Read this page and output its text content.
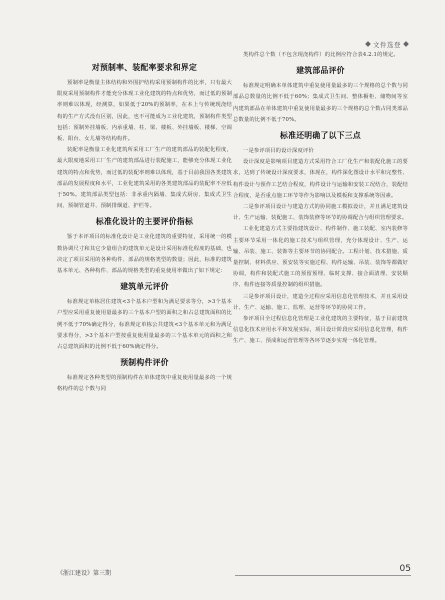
文件选登
对预制率、装配率要求和界定

预制率是衡量主体结构和外围护结构采用预制构件的比率，只有最大限度采用预制构件才能充分体现工业化建筑的特点和优势，而过低的预制率则难以体现，经测算，如果低于20%的预制率，在本上与传统现浇结构的生产方式没有区别，因此，也不可能成为工业化建筑，预制构件类型包括：预制外挂墙板、内承重墙、柱、梁、楼板、外挂墙板、楼梯、空调板、阳台、女儿墙等结构构件。

装配率是衡量工业化建筑所采用工厂生产的建筑部品的装配化程度，最大限度地采用工厂生产的建筑部品进行装配施工，能够充分体现工业化建筑的特点和优势，而过低的装配率则难以体现，基于目前我国各类建筑部品的发展程度和水平，工业化建筑采用的各类建筑部品的装配率不应低于50%。建筑部品类型包括：非承重内隔墙、集成式厨房、集成式卫生间、预制管道井、预制排烟道、护栏等。

标准化设计的主要评价指标

鉴于本评项目的标准化设计是工业化建筑的重要特征，采用统一的模数协调尺寸和其它少量组合的建筑单元是设计采用标准化程度的基础，也决定了项目采用的各种构件、部品的规格类型的数量；因此，标准的建筑基本单元、各种构件、部品的规格类型的重复使用率做出了如下规定：

建筑单元评价

标准规定单栋居住建筑<3个基本户型和为满足要求等分，>3个基本户型应采用重复使用量最多的三个基本户型的面积之和占总建筑面积的比例不低于70%确定得分，标准规定单栋公共建筑<3个基本单元和为满足要求得分，>3个基本户型按重复使用量最多的三个基本单元的面积之和占总建筑面积的比例不低于60%确定得分。

预制构件评价

标准规定各种类型的预制构件在单体建筑中重复使用量最多的一个规格构件的总个数与同

类构件总个数（不包含现浇构件）的比例应符合表4.2.1的规定。

建筑部品评价

标准规定明确本单体建筑中重复使用量最多的三个规格的总个数与同部品总数量的比例不低于60%；集成式卫生间、整体橱柜、储物间等室内建筑部品在单体建筑中重复使用量最多的三个规格的总个数占同类部品总数量的比例不低于70%。

标准还明确了以下三点

一是参评项目的设计深度评价

设计深度是影响项目建造方式采用符合工厂化生产和装配化施工的要求，达到了传统设计深度要求，体现在，构件深化图设计水平和完整性、构件设计与预作工艺结合程度，构件设计与运输和安装工况结合，装配结合程度，是否重点施工环节等作为影响以及模板和支撑系统等因素。

二是参评项目设计与建造方式的协同施工模拟设计，并且满足建筑设计、生产运输、装配施工、装饰装修等环节的协调配合与组织管理要求。

工业化建造方式主要指建筑设计、构件制作、施工装配、室内装修等主要环节采用一体化的施工技术与组织管理，充分体现设计、生产、运输、吊装、施工、装饰等主要环节的协同配合。工程计划、技术措施、质量控制、材料供应、预安装等实施过程、构件运输、吊装、装饰等都做好协调，构件和装配式施工的预留预埋、临时支撑、接合面清理、安装顺序、构件连接等质量控制的组织措施。

三是参评项目设计，建造全过程应采用信息化管理技术，并且采用设计、生产、运输、施工、监理、运营等环节的协同工作。

参评项目全过程信息化管理是工业化建筑的主要特征，基于目前建筑信息化技术应用水平和发展实际，项目设计阶段应采用信息化管理，构件生产、施工、预成和运营管理等各环节逐步实现一体化管理。

《浙江建设》第三期	05
